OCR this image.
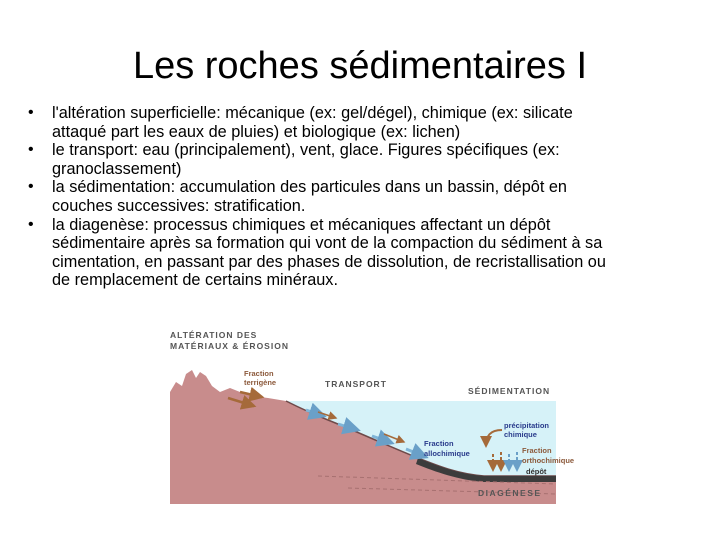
Les roches sédimentaires I
• l'altération superficielle: mécanique (ex: gel/dégel), chimique (ex: silicate
attaqué part les eaux de pluies) et biologique (ex: lichen)
• le transport: eau (principalement), vent, glace. Figures spécifiques (ex:
granoclassement)
• la sédimentation: accumulation des particules dans un bassin, dépôt en
couches successives: stratification.
• la diagenèse: processus chimiques et mécaniques affectant un dépôt
sédimentaire après sa formation qui vont de la compaction du sédiment à sa
cimentation, en passant par des phases de dissolution, de recristallisation ou
de remplacement de certains minéraux.
ALTÉRATION DES
MATÉRIAUX & ÉROSION
Fraction
terrigène	TRANSPORT
SÉDIMENTATION
précipitation
chimique
Fraction
allochimique	Fraction
orthochimique
dépôt
DIAGÉNESE
